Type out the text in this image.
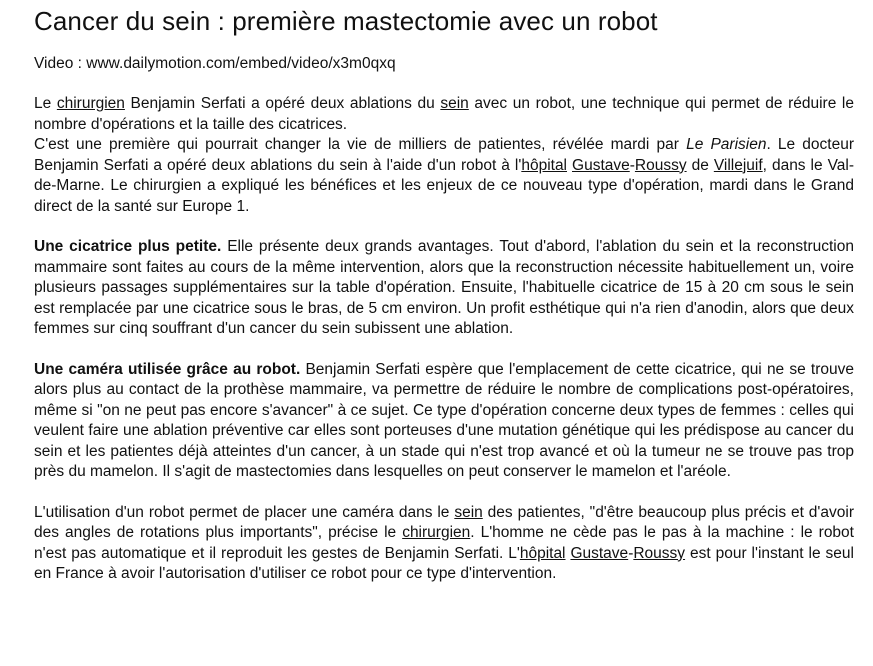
Cancer du sein : première mastectomie avec un robot
Video : www.dailymotion.com/embed/video/x3m0qxq

Le chirurgien Benjamin Serfati a opéré deux ablations du sein avec un robot, une technique qui permet de réduire le nombre d'opérations et la taille des cicatrices.

C'est une première qui pourrait changer la vie de milliers de patientes, révélée mardi par Le Parisien. Le docteur Benjamin Serfati a opéré deux ablations du sein à l'aide d'un robot à l'hôpital Gustave-Roussy de Villejuif, dans le Val-de-Marne. Le chirurgien a expliqué les bénéfices et les enjeux de ce nouveau type d'opération, mardi dans le Grand direct de la santé sur Europe 1.

Une cicatrice plus petite. Elle présente deux grands avantages. Tout d'abord, l'ablation du sein et la reconstruction mammaire sont faites au cours de la même intervention, alors que la reconstruction nécessite habituellement un, voire plusieurs passages supplémentaires sur la table d'opération. Ensuite, l'habituelle cicatrice de 15 à 20 cm sous le sein est remplacée par une cicatrice sous le bras, de 5 cm environ. Un profit esthétique qui n'a rien d'anodin, alors que deux femmes sur cinq souffrant d'un cancer du sein subissent une ablation.

Une caméra utilisée grâce au robot. Benjamin Serfati espère que l'emplacement de cette cicatrice, qui ne se trouve alors plus au contact de la prothèse mammaire, va permettre de réduire le nombre de complications post-opératoires, même si "on ne peut pas encore s'avancer" à ce sujet. Ce type d'opération concerne deux types de femmes : celles qui veulent faire une ablation préventive car elles sont porteuses d'une mutation génétique qui les prédispose au cancer du sein et les patientes déjà atteintes d'un cancer, à un stade qui n'est trop avancé et où la tumeur ne se trouve pas trop près du mamelon. Il s'agit de mastectomies dans lesquelles on peut conserver le mamelon et l'aréole.

L'utilisation d'un robot permet de placer une caméra dans le sein des patientes, "d'être beaucoup plus précis et d'avoir des angles de rotations plus importants", précise le chirurgien. L'homme ne cède pas le pas à la machine : le robot n'est pas automatique et il reproduit les gestes de Benjamin Serfati. L'hôpital Gustave-Roussy est pour l'instant le seul en France à avoir l'autorisation d'utiliser ce robot pour ce type d'intervention.
